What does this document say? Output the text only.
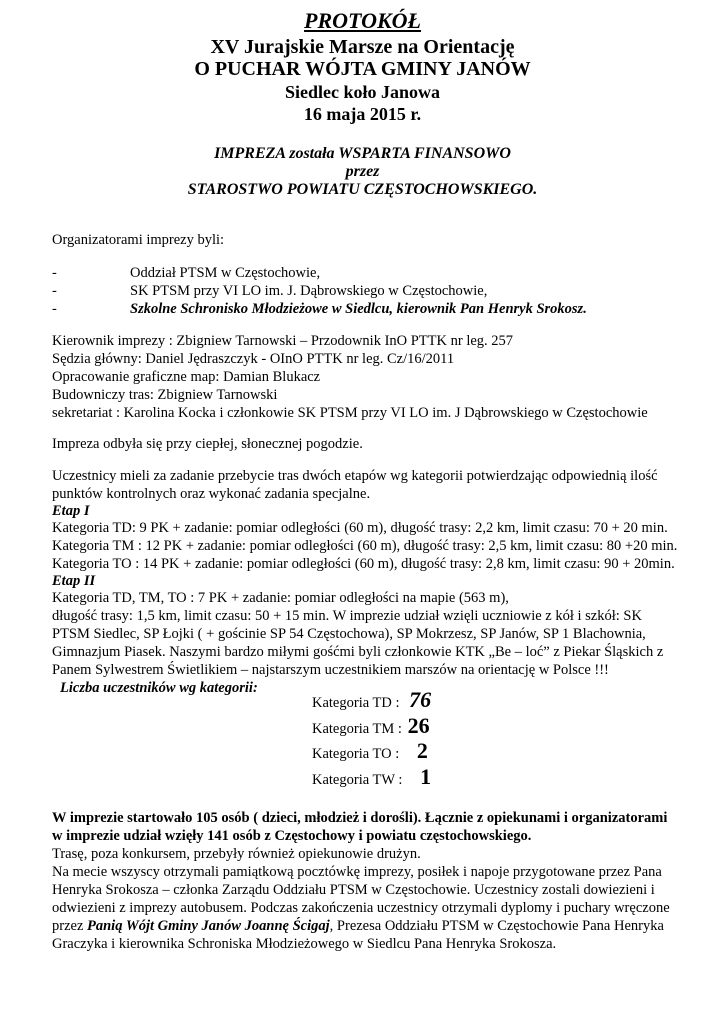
PROTOKÓŁ
XV Jurajskie Marsze na Orientację
O PUCHAR WÓJTA GMINY JANÓW
Siedlec koło Janowa
16 maja 2015 r.
IMPREZA została WSPARTA FINANSOWO
przez
STAROSTWO POWIATU CZĘSTOCHOWSKIEGO.
Organizatorami imprezy byli:
-	Oddział PTSM w Częstochowie,
-	SK PTSM przy VI LO im. J. Dąbrowskiego w Częstochowie,
-	Szkolne Schronisko Młodzieżowe w Siedlcu, kierownik Pan Henryk Srokosz.
Kierownik imprezy : Zbigniew Tarnowski – Przodownik InO PTTK nr leg. 257
Sędzia główny: Daniel Jędraszczyk - OInO PTTK nr leg. Cz/16/2011
Opracowanie graficzne map: Damian Blukacz
Budowniczy tras: Zbigniew Tarnowski
sekretariat : Karolina Kocka i członkowie SK PTSM przy VI LO im. J Dąbrowskiego w Częstochowie
Impreza odbyła się przy ciepłej, słonecznej pogodzie.
Uczestnicy mieli za zadanie przebycie tras dwóch etapów wg kategorii potwierdzając odpowiednią ilość
punktów kontrolnych oraz wykonać zadania specjalne.
Etap I
Kategoria TD: 9 PK + zadanie: pomiar odległości (60 m), długość trasy: 2,2 km, limit czasu: 70 + 20 min.
Kategoria TM : 12 PK + zadanie: pomiar odległości (60 m), długość trasy: 2,5 km, limit czasu: 80 +20 min.
Kategoria TO : 14 PK + zadanie: pomiar odległości (60 m), długość trasy: 2,8 km, limit czasu: 90 + 20min.
Etap II
Kategoria TD, TM, TO : 7 PK + zadanie: pomiar odległości na mapie (563 m),
długość trasy: 1,5 km, limit czasu: 50 + 15 min. W imprezie udział wzięli uczniowie z kół i szkół: SK
PTSM Siedlec, SP Łojki ( + gościnie SP 54 Częstochowa), SP Mokrzesz, SP Janów, SP 1 Blachownia,
Gimnazjum Piasek. Naszymi bardzo miłymi gośćmi byli członkowie KTK „Be – loć” z Piekar Śląskich z
Panem Sylwestrem Świetlikiem – najstarszym uczestnikiem marszów na orientację w Polsce !!!
Liczba uczestników wg kategorii:
Kategoria TD : 76
Kategoria TM : 26
Kategoria TO : 2
Kategoria TW : 1
W imprezie startowało 105 osób ( dzieci, młodzież i dorośli). Łącznie z opiekunami i organizatorami
w imprezie udział wzięły 141 osób z Częstochowy i powiatu częstochowskiego.
Trasę, poza konkursem, przebyły również opiekunowie drużyn.
Na mecie wszyscy otrzymali pamiątkową pocztówkę imprezy, posiłek i napoje przygotowane przez Pana
Henryka Srokosza – członka Zarządu Oddziału PTSM w Częstochowie. Uczestnicy zostali dowiezieni i
odwiezieni z imprezy autobusem. Podczas zakończenia uczestnicy otrzymali dyplomy i puchary wręczone
przez Panią Wójt Gminy Janów Joannę Ścigaj, Prezesa Oddziału PTSM w Częstochowie Pana Henryka
Graczyka i kierownika Schroniska Młodzieżowego w Siedlcu Pana Henryka Srokosza.
